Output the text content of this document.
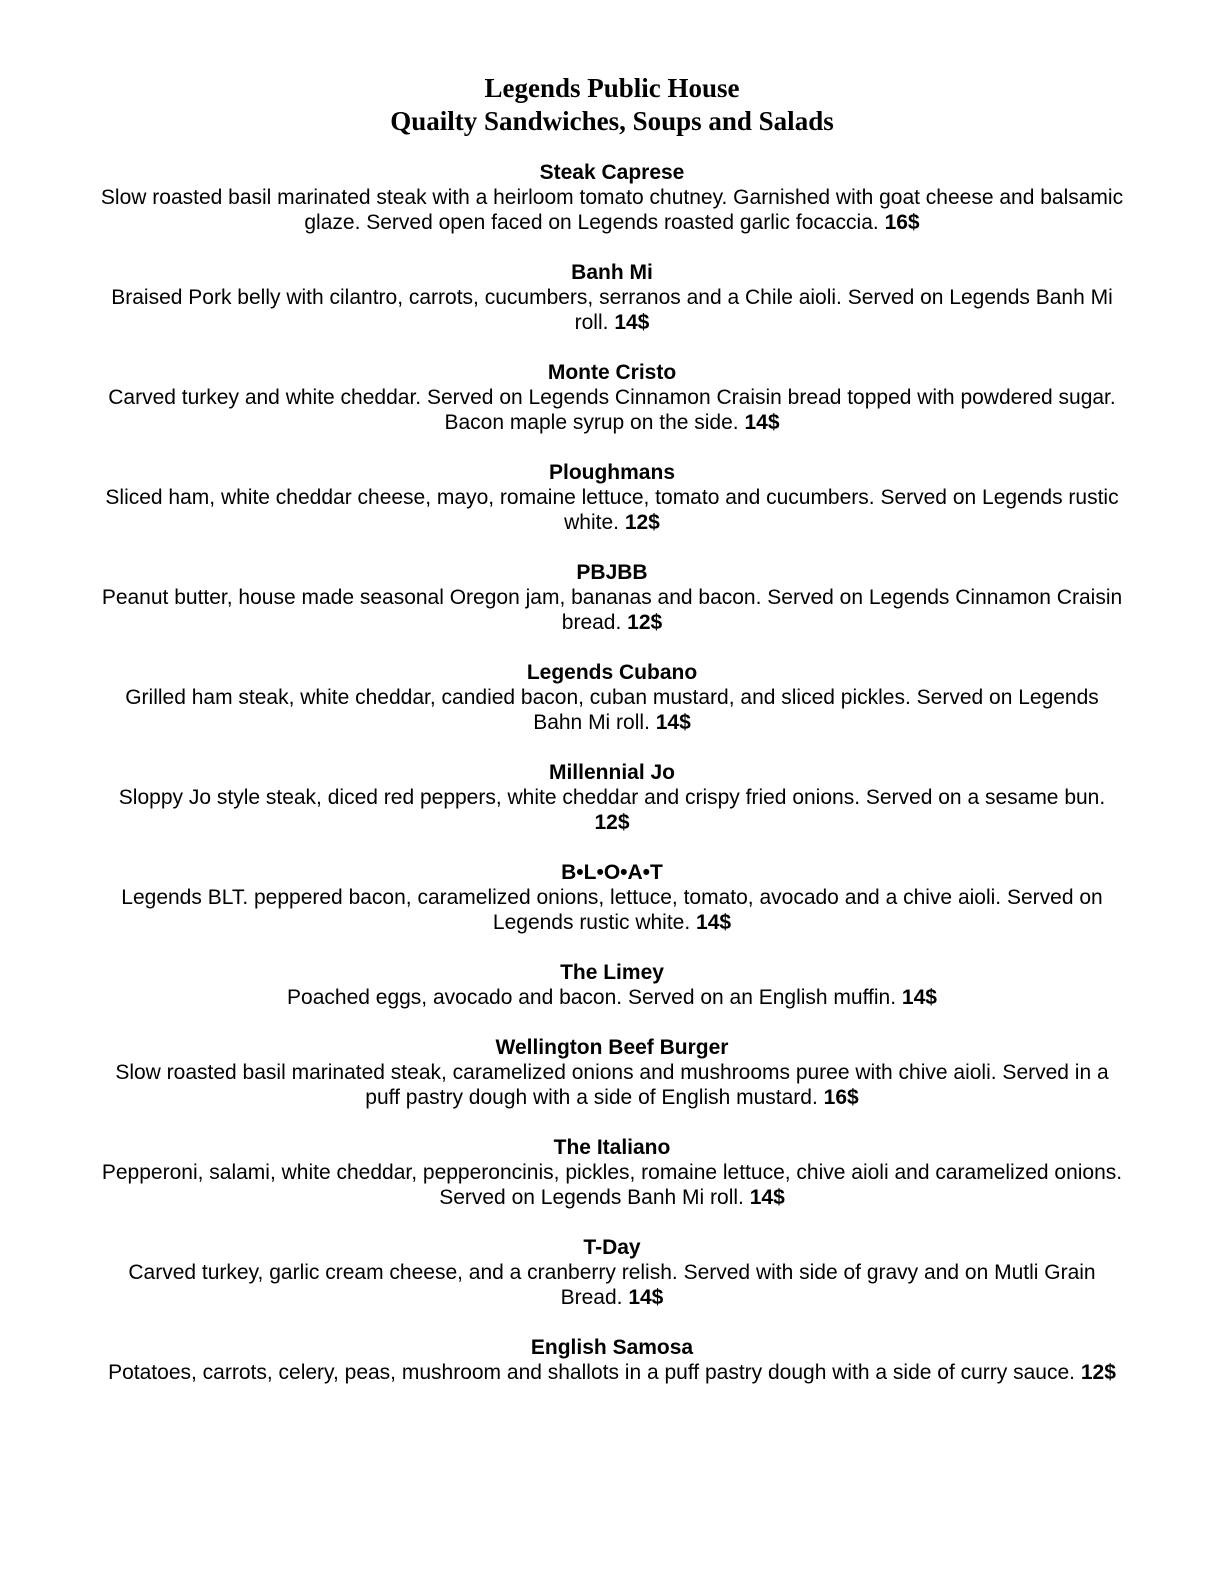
Legends Public House
Quailty Sandwiches, Soups and Salads
Steak Caprese
Slow roasted basil marinated steak with a heirloom tomato chutney. Garnished with goat cheese and balsamic glaze. Served open faced on Legends roasted garlic focaccia. 16$
Banh Mi
Braised Pork belly with cilantro, carrots, cucumbers, serranos and a Chile aioli. Served on Legends Banh Mi roll. 14$
Monte Cristo
Carved turkey and white cheddar. Served on Legends Cinnamon Craisin bread topped with powdered sugar. Bacon maple syrup on the side. 14$
Ploughmans
Sliced ham, white cheddar cheese, mayo, romaine lettuce, tomato and cucumbers. Served on Legends rustic white. 12$
PBJBB
Peanut butter, house made seasonal Oregon jam, bananas and bacon. Served on Legends Cinnamon Craisin bread. 12$
Legends Cubano
Grilled ham steak, white cheddar, candied bacon, cuban mustard, and sliced pickles. Served on Legends Bahn Mi roll. 14$
Millennial Jo
Sloppy Jo style steak, diced red peppers, white cheddar and crispy fried onions. Served on a sesame bun. 12$
B•L•O•A•T
Legends BLT. peppered bacon, caramelized onions, lettuce, tomato, avocado and a chive aioli. Served on Legends rustic white. 14$
The Limey
Poached eggs, avocado and bacon. Served on an English muffin. 14$
Wellington Beef Burger
Slow roasted basil marinated steak, caramelized onions and mushrooms puree with chive aioli. Served in a puff pastry dough with a side of English mustard. 16$
The Italiano
Pepperoni, salami, white cheddar, pepperoncinis, pickles, romaine lettuce, chive aioli and caramelized onions. Served on Legends Banh Mi roll. 14$
T-Day
Carved turkey, garlic cream cheese, and a cranberry relish. Served with side of gravy and on Mutli Grain Bread. 14$
English Samosa
Potatoes, carrots, celery, peas, mushroom and shallots in a puff pastry dough with a side of curry sauce. 12$
